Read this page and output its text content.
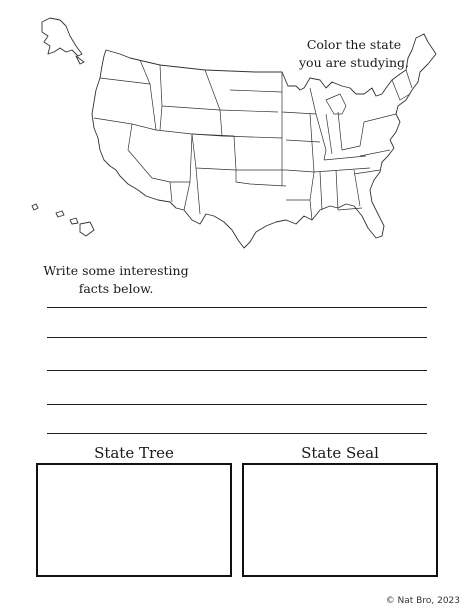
Color the state
you are studying.
Write some interesting
facts below.
State Tree	State Seal
© Nat Bro, 2023
